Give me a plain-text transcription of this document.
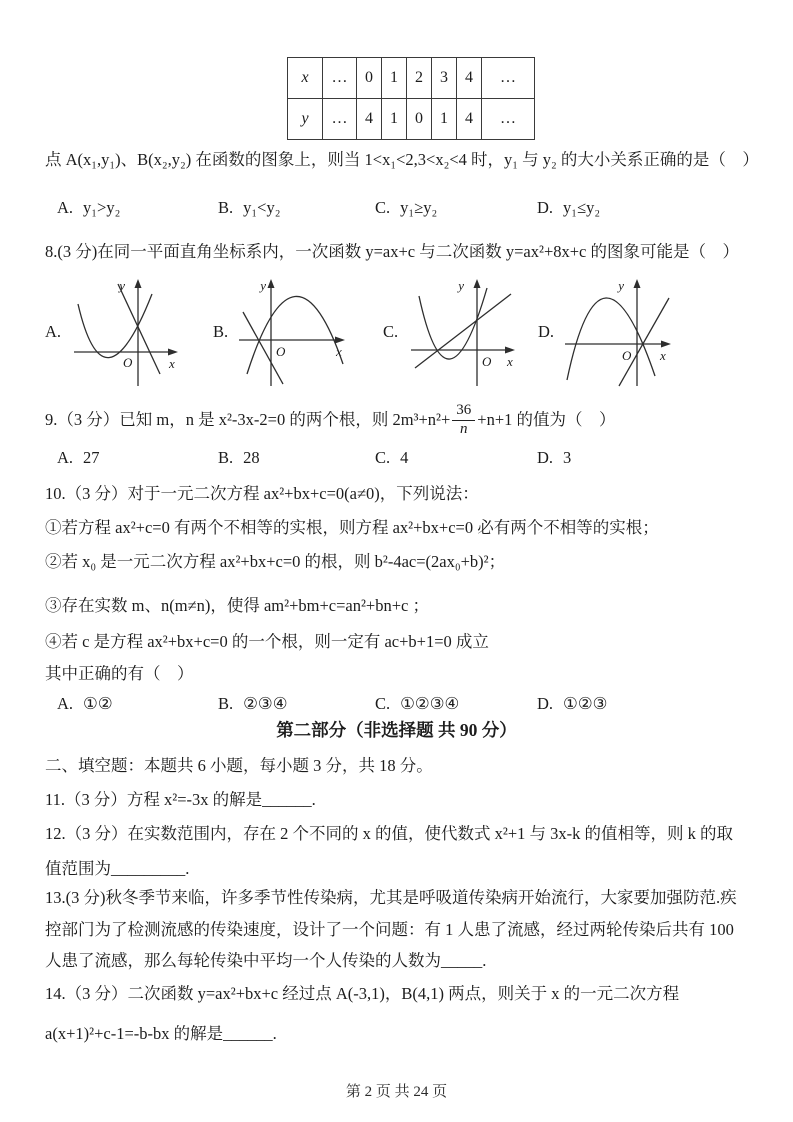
x	…	0	1	2	3	4	…
y	…	4	1	0	1	4	…
点 A(x₁,y₁)、B(x₂,y₂) 在函数的图象上，则当 1<x₁<2,3<x₂<4 时，y₁ 与 y₂ 的大小关系正确的是（　）
A. y₁>y₂	B. y₁<y₂	C. y₁≥y₂	D. y₁≤y₂
8.(3 分)在同一平面直角坐标系内，一次函数 y=ax+c 与二次函数 y=ax²+8x+c 的图象可能是（　）
A.
y
x
O
B.
y
x
O
C.
y
x
O
D.
y
x
O
9.（3 分）已知 m，n 是 x²-3x-2=0 的两个根，则 $2m^3+n^2+ \frac{36}{n} +n+1$ 的值为（　）
A. 27	B. 28	C. 4	D. 3
10.（3 分）对于一元二次方程 ax²+bx+c=0(a≠0)，下列说法：
①若方程 ax²+c=0 有两个不相等的实根，则方程 ax²+bx+c=0 必有两个不相等的实根；
②若 x₀ 是一元二次方程 ax²+bx+c=0 的根，则 b²-4ac=(2ax₀+b)²；
③存在实数 m、n(m≠n)，使得 am²+bm+c=an²+bn+c ；
④若 c 是方程 ax²+bx+c=0 的一个根，则一定有 ac+b+1=0 成立
其中正确的有（　）
A. ①②	B. ②③④	C. ①②③④	D. ①②③
第二部分（非选择题 共 90 分）
二、填空题：本题共 6 小题，每小题 3 分，共 18 分。
11.（3 分）方程 x²=-3x 的解是______.
12.（3 分）在实数范围内，存在 2 个不同的 x 的值，使代数式 x²+1 与 3x-k 的值相等，则 k 的取
值范围为_________.
13.(3 分)秋冬季节来临，许多季节性传染病，尤其是呼吸道传染病开始流行，大家要加强防范.疾
控部门为了检测流感的传染速度，设计了一个问题：有 1 人患了流感，经过两轮传染后共有 100
人患了流感，那么每轮传染中平均一个人传染的人数为_____.
14.（3 分）二次函数 y=ax²+bx+c 经过点 A(-3,1)，B(4,1) 两点，则关于 x 的一元二次方程
a(x+1)²+c-1=-b-bx 的解是______.
第 2 页 共 24 页
